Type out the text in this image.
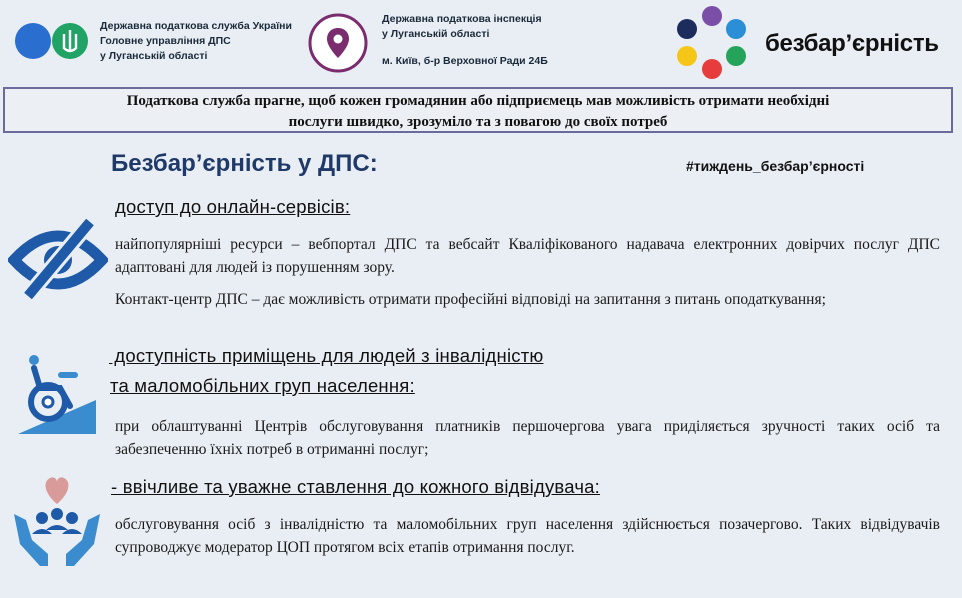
Державна податкова служба України
Головне управління ДПС
у Луганській області
Державна податкова інспекція
у Луганській області
м. Київ, б-р Верховної Ради 24Б
безбар’єрність
Податкова служба прагне, щоб кожен громадянин або підприємець мав можливість отримати необхідні
послуги швидко, зрозуміло та з повагою до своїх потреб
Безбар’єрність у ДПС:	#тиждень_безбар’єрності
доступ до онлайн-сервісів:
найпопулярніші ресурси – вебпортал ДПС та вебсайт Кваліфікованого надавача електронних довірчих послуг ДПС адаптовані для людей із порушенням зору.
Контакт-центр ДПС – дає можливість отримати професійні відповіді на запитання з питань оподаткування;
доступність приміщень для людей з інвалідністю
та маломобільних груп населення:
при облаштуванні Центрів обслуговування платників першочергова увага приділяється зручності таких осіб та забезпеченню їхніх потреб в отриманні послуг;
- ввічливе та уважне ставлення до кожного відвідувача:
обслуговування осіб з інвалідністю та маломобільних груп населення здійснюється позачергово. Таких відвідувачів супроводжує модератор ЦОП протягом всіх етапів отримання послуг.
